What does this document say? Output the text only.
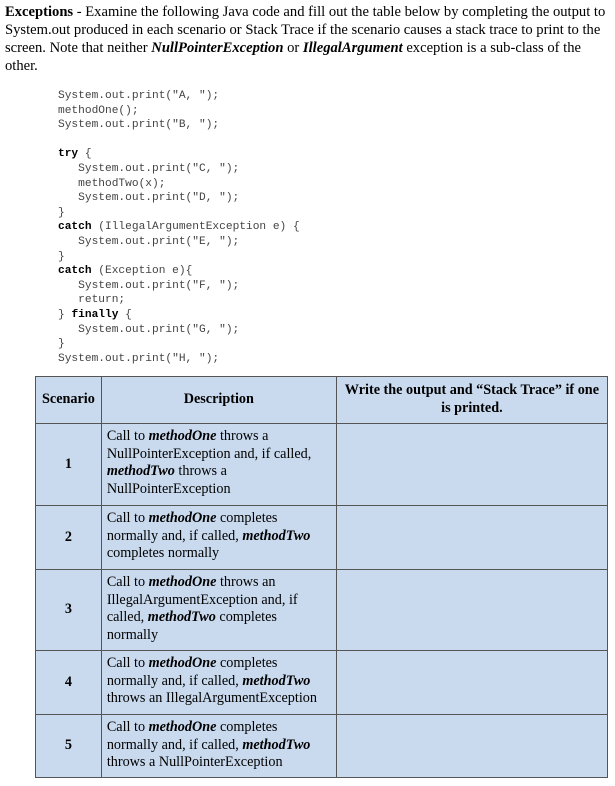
Exceptions - Examine the following Java code and fill out the table below by completing the output to System.out produced in each scenario or Stack Trace if the scenario causes a stack trace to print to the screen. Note that neither NullPointerException or IllegalArgument exception is a sub-class of the other.
System.out.print("A, ");
methodOne();
System.out.print("B, ");

try {
System.out.print("C, ");
methodTwo(x);
System.out.print("D, ");
}
catch (IllegalArgumentException e) {
System.out.print("E, ");
}
catch (Exception e){
System.out.print("F, ");
return;
} finally {
System.out.print("G, ");
}
System.out.print("H, ");
Scenario	Description	Write the output and “Stack Trace” if one is printed.
1	Call to methodOne throws a NullPointerException and, if called, methodTwo throws a NullPointerException	
2	Call to methodOne completes normally and, if called, methodTwo completes normally	
3	Call to methodOne throws an IllegalArgumentException and, if called, methodTwo completes normally	
4	Call to methodOne completes normally and, if called, methodTwo throws an IllegalArgumentException	
5	Call to methodOne completes normally and, if called, methodTwo throws a NullPointerException	
